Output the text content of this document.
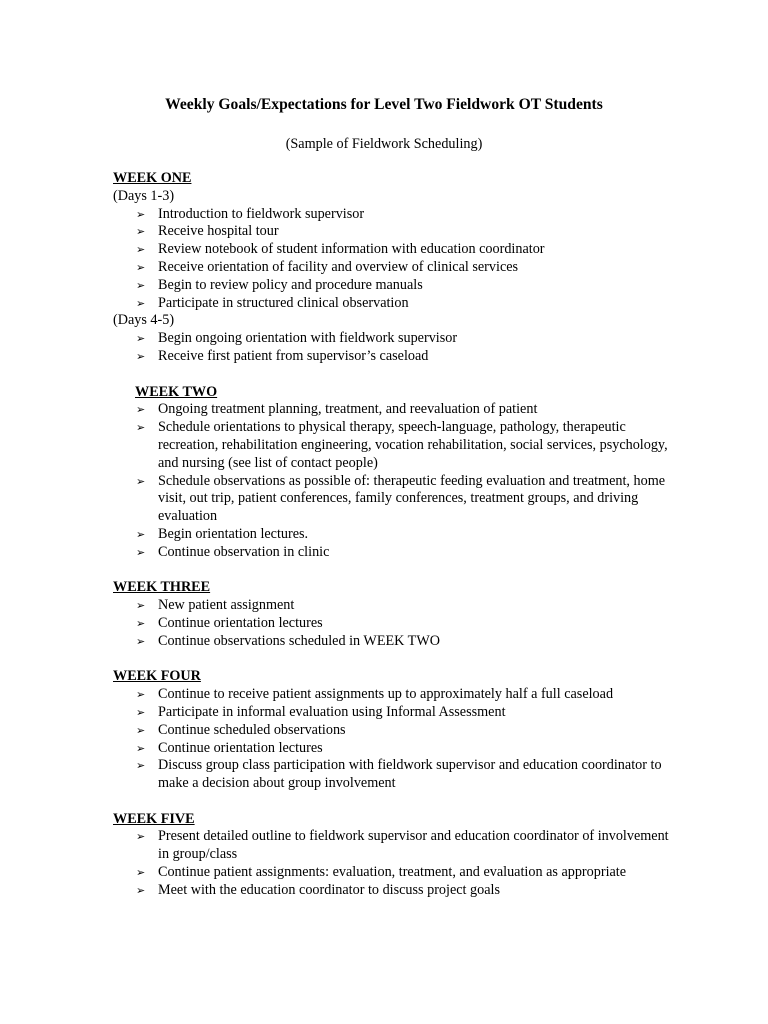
Weekly Goals/Expectations for Level Two Fieldwork OT Students

(Sample of Fieldwork Scheduling)

WEEK ONE

(Days 1-3)

➢ Introduction to fieldwork supervisor
➢ Receive hospital tour
➢ Review notebook of student information with education coordinator
➢ Receive orientation of facility and overview of clinical services
➢ Begin to review policy and procedure manuals
➢ Participate in structured clinical observation

(Days 4-5)

➢ Begin ongoing orientation with fieldwork supervisor
➢ Receive first patient from supervisor’s caseload
WEEK TWO
➢ Ongoing treatment planning, treatment, and reevaluation of patient
➢ Schedule orientations to physical therapy, speech-language, pathology, therapeutic recreation, rehabilitation engineering, vocation rehabilitation, social services, psychology, and nursing (see list of contact people)
➢ Schedule observations as possible of: therapeutic feeding evaluation and treatment, home visit, out trip, patient conferences, family conferences, treatment groups, and driving evaluation
➢ Begin orientation lectures.
➢ Continue observation in clinic
WEEK THREE
➢ New patient assignment
➢ Continue orientation lectures
➢ Continue observations scheduled in WEEK TWO
WEEK FOUR
➢ Continue to receive patient assignments up to approximately half a full caseload
➢ Participate in informal evaluation using Informal Assessment
➢ Continue scheduled observations
➢ Continue orientation lectures
➢ Discuss group class participation with fieldwork supervisor and education coordinator to make a decision about group involvement
WEEK FIVE
➢ Present detailed outline to fieldwork supervisor and education coordinator of involvement in group/class
➢ Continue patient assignments: evaluation, treatment, and evaluation as appropriate
➢ Meet with the education coordinator to discuss project goals
